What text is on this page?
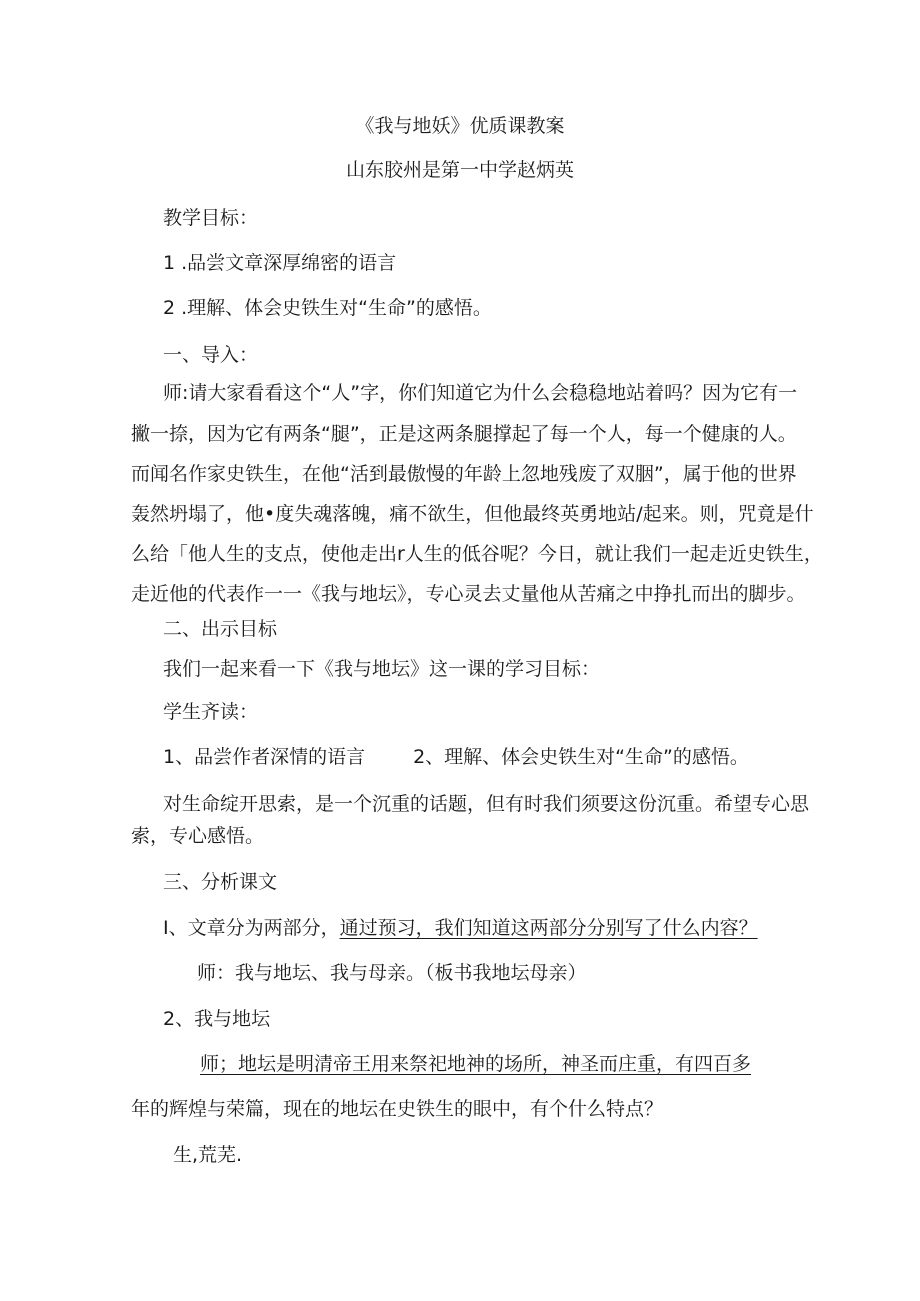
《我与地妖》优质课教案
山东胶州是第一中学赵炳英
教学目标：
1 .品尝文章深厚绵密的语言
2 .理解、体会史铁生对“生命”的感悟。
一、导入：
师:请大家看看这个“人”字，你们知道它为什么会稳稳地站着吗？因为它有一
撇一捺，因为它有两条“腿”，正是这两条腿撑起了每一个人，每一个健康的人。
而闻名作家史铁生，在他“活到最傲慢的年龄上忽地残废了双胭”，属于他的世界
轰然坍塌了，他•度失魂落魄，痛不欲生，但他最终英勇地站/起来。则，咒竟是什
么给「他人生的支点，使他走出r人生的低谷呢？今日，就让我们一起走近史铁生，
走近他的代表作一一《我与地坛》，专心灵去丈量他从苦痛之中挣扎而出的脚步。
二、出示目标
我们一起来看一下《我与地坛》这一课的学习目标：
学生齐读：
1、品尝作者深情的语言	2、理解、体会史铁生对“生命”的感悟。
对生命绽开思索，是一个沉重的话题，但有时我们须要这份沉重。希望专心思
索，专心感悟。
三、分析课文
I、文章分为两部分，通过预习，我们知道这两部分分别写了什么内容？
师：我与地坛、我与母亲。（板书我地坛母亲）
2、我与地坛
师；地坛是明清帝王用来祭祀地神的场所，神圣而庄重，有四百多
年的辉煌与荣篇，现在的地坛在史铁生的眼中，有个什么特点？
生,荒芜.
